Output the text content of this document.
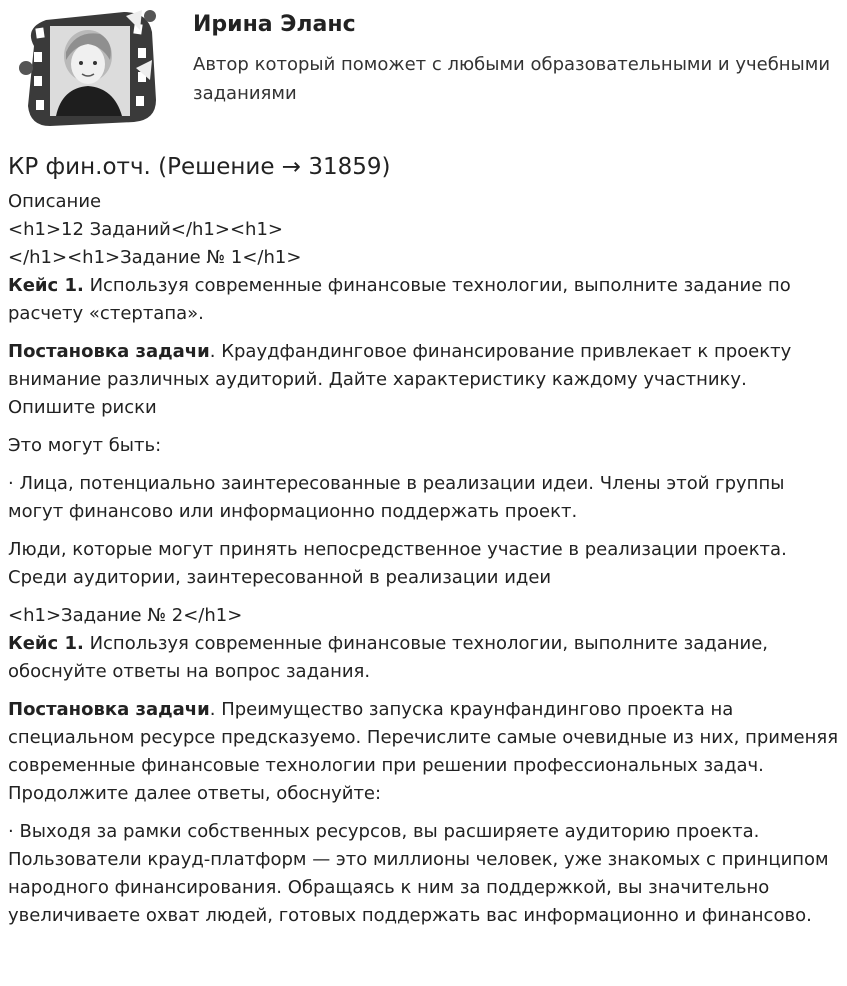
Ирина Эланс

Автор который поможет с любыми образовательными и учебными заданиями

КР фин.отч. (Решение → 31859)
Описание
<h1>12 Заданий</h1><h1>
</h1><h1>Задание № 1</h1>

Кейс 1. Используя современные финансовые технологии, выполните задание по расчету «стертапа».

Постановка задачи. Краудфандинговое финансирование привлекает к проекту внимание различных аудиторий. Дайте характеристику каждому участнику. Опишите риски

Это могут быть:

· Лица, потенциально заинтересованные в реализации идеи. Члены этой группы могут финансово или информационно поддержать проект.

Люди, которые могут принять непосредственное участие в реализации проекта. Среди аудитории, заинтересованной в реализации идеи

<h1>Задание № 2</h1>

Кейс 1. Используя современные финансовые технологии, выполните задание, обоснуйте ответы на вопрос задания.

Постановка задачи. Преимущество запуска краунфандингово проекта на специальном ресурсе предсказуемо. Перечислите самые очевидные из них, применяя современные финансовые технологии при решении профессиональных задач. Продолжите далее ответы, обоснуйте:

· Выходя за рамки собственных ресурсов, вы расширяете аудиторию проекта. Пользователи крауд-платформ — это миллионы человек, уже знакомых с принципом народного финансирования. Обращаясь к ним за поддержкой, вы значительно увеличиваете охват людей, готовых поддержать вас информационно и финансово.
